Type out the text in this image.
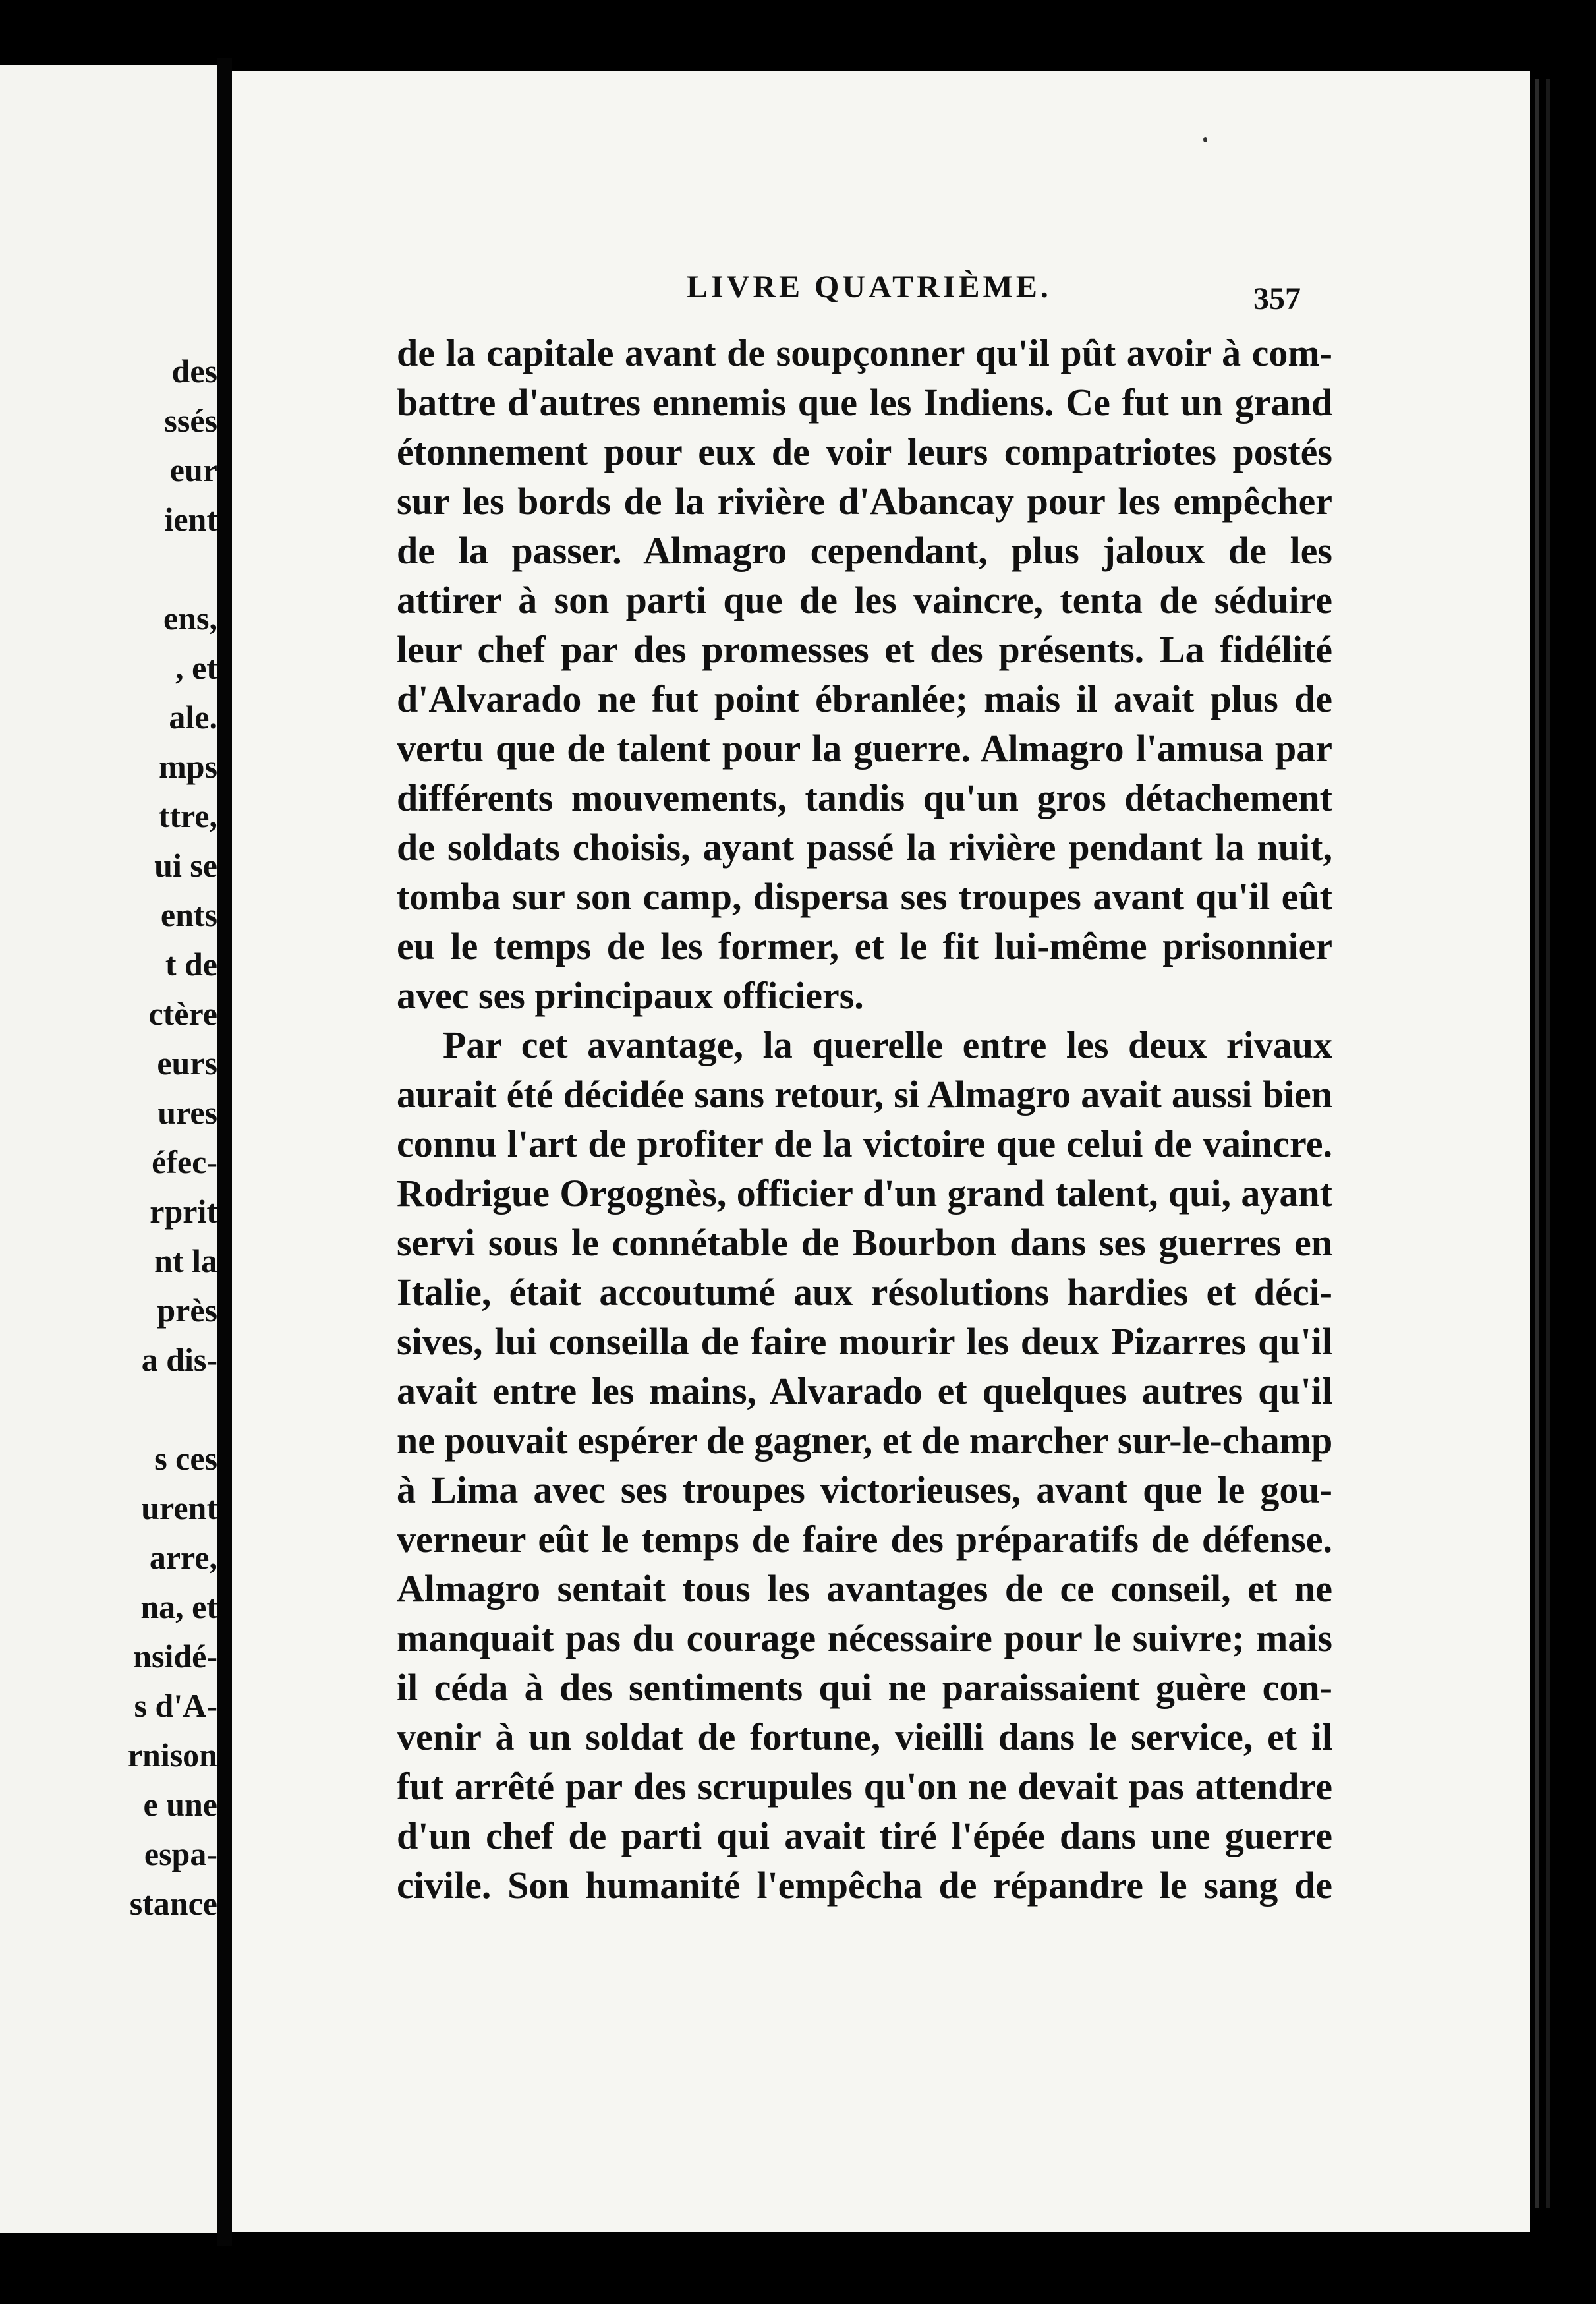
des
ssés
eur
ient
ens,
, et
ale.
mps
ttre,
ui se
ents
t de
ctère
eurs
ures
éfec-
rprit
nt la
près
a dis-
s ces
urent
arre,
na, et
nsidé-
s d'A-
rnison
e une
espa-
stance
LIVRE QUATRIÈME.	357
de la capitale avant de soupçonner qu'il pût avoir à com-
battre d'autres ennemis que les Indiens. Ce fut un grand
étonnement pour eux de voir leurs compatriotes postés
sur les bords de la rivière d'Abancay pour les empêcher
de la passer. Almagro cependant, plus jaloux de les
attirer à son parti que de les vaincre, tenta de séduire
leur chef par des promesses et des présents. La fidélité
d'Alvarado ne fut point ébranlée; mais il avait plus de
vertu que de talent pour la guerre. Almagro l'amusa par
différents mouvements, tandis qu'un gros détachement
de soldats choisis, ayant passé la rivière pendant la nuit,
tomba sur son camp, dispersa ses troupes avant qu'il eût
eu le temps de les former, et le fit lui-même prisonnier
avec ses principaux officiers.
Par cet avantage, la querelle entre les deux rivaux
aurait été décidée sans retour, si Almagro avait aussi bien
connu l'art de profiter de la victoire que celui de vaincre.
Rodrigue Orgognès, officier d'un grand talent, qui, ayant
servi sous le connétable de Bourbon dans ses guerres en
Italie, était accoutumé aux résolutions hardies et déci-
sives, lui conseilla de faire mourir les deux Pizarres qu'il
avait entre les mains, Alvarado et quelques autres qu'il
ne pouvait espérer de gagner, et de marcher sur-le-champ
à Lima avec ses troupes victorieuses, avant que le gou-
verneur eût le temps de faire des préparatifs de défense.
Almagro sentait tous les avantages de ce conseil, et ne
manquait pas du courage nécessaire pour le suivre; mais
il céda à des sentiments qui ne paraissaient guère con-
venir à un soldat de fortune, vieilli dans le service, et il
fut arrêté par des scrupules qu'on ne devait pas attendre
d'un chef de parti qui avait tiré l'épée dans une guerre
civile. Son humanité l'empêcha de répandre le sang de
